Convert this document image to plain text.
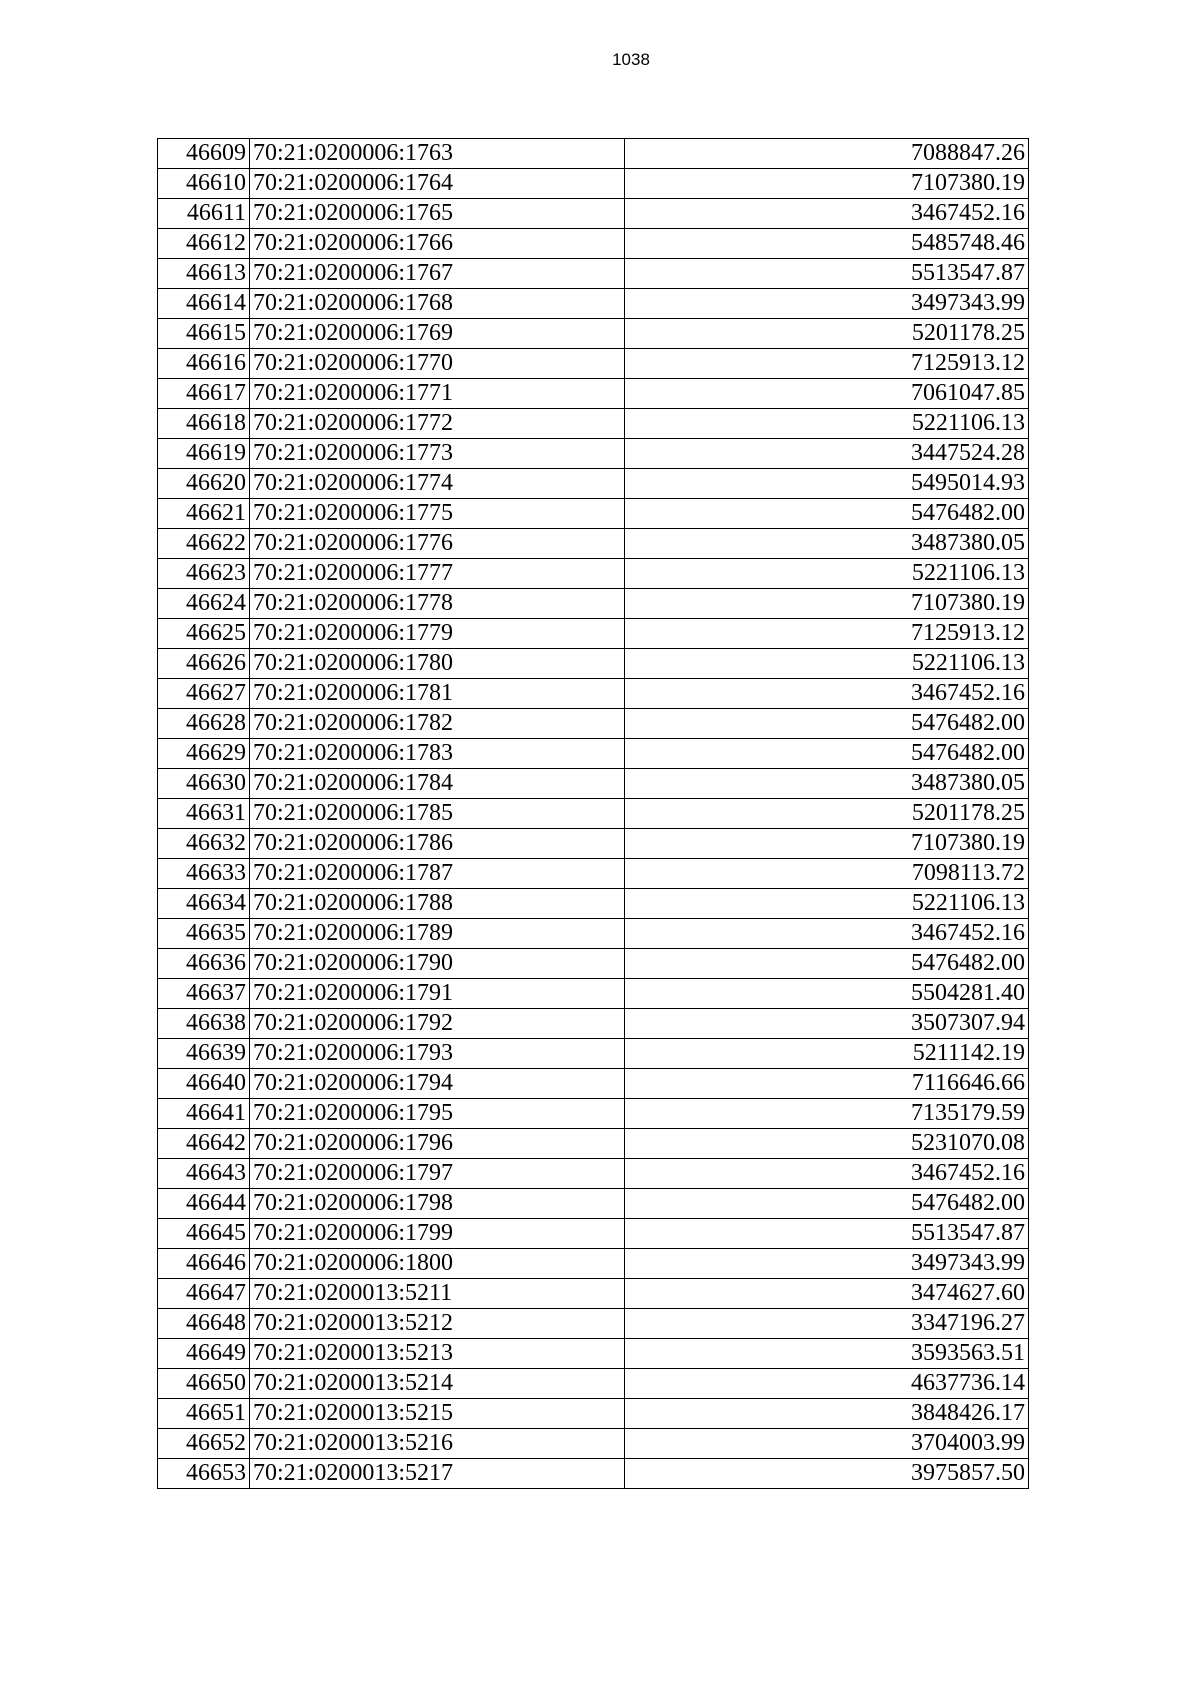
1038
46609	70:21:0200006:1763	7088847.26
46610	70:21:0200006:1764	7107380.19
46611	70:21:0200006:1765	3467452.16
46612	70:21:0200006:1766	5485748.46
46613	70:21:0200006:1767	5513547.87
46614	70:21:0200006:1768	3497343.99
46615	70:21:0200006:1769	5201178.25
46616	70:21:0200006:1770	7125913.12
46617	70:21:0200006:1771	7061047.85
46618	70:21:0200006:1772	5221106.13
46619	70:21:0200006:1773	3447524.28
46620	70:21:0200006:1774	5495014.93
46621	70:21:0200006:1775	5476482.00
46622	70:21:0200006:1776	3487380.05
46623	70:21:0200006:1777	5221106.13
46624	70:21:0200006:1778	7107380.19
46625	70:21:0200006:1779	7125913.12
46626	70:21:0200006:1780	5221106.13
46627	70:21:0200006:1781	3467452.16
46628	70:21:0200006:1782	5476482.00
46629	70:21:0200006:1783	5476482.00
46630	70:21:0200006:1784	3487380.05
46631	70:21:0200006:1785	5201178.25
46632	70:21:0200006:1786	7107380.19
46633	70:21:0200006:1787	7098113.72
46634	70:21:0200006:1788	5221106.13
46635	70:21:0200006:1789	3467452.16
46636	70:21:0200006:1790	5476482.00
46637	70:21:0200006:1791	5504281.40
46638	70:21:0200006:1792	3507307.94
46639	70:21:0200006:1793	5211142.19
46640	70:21:0200006:1794	7116646.66
46641	70:21:0200006:1795	7135179.59
46642	70:21:0200006:1796	5231070.08
46643	70:21:0200006:1797	3467452.16
46644	70:21:0200006:1798	5476482.00
46645	70:21:0200006:1799	5513547.87
46646	70:21:0200006:1800	3497343.99
46647	70:21:0200013:5211	3474627.60
46648	70:21:0200013:5212	3347196.27
46649	70:21:0200013:5213	3593563.51
46650	70:21:0200013:5214	4637736.14
46651	70:21:0200013:5215	3848426.17
46652	70:21:0200013:5216	3704003.99
46653	70:21:0200013:5217	3975857.50
